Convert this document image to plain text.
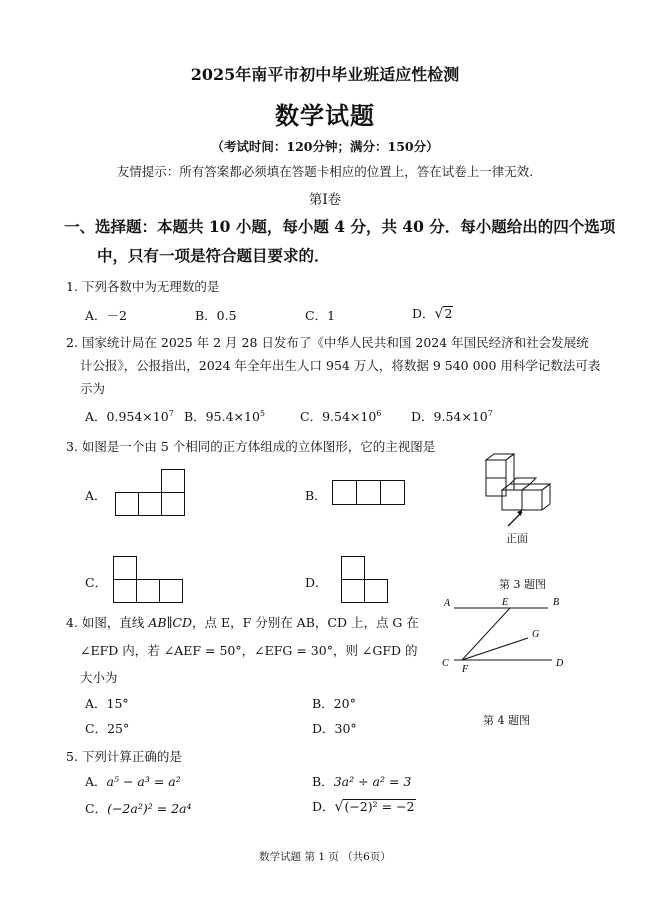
2025年南平市初中毕业班适应性检测
数学试题
（考试时间：120分钟；满分：150分）
友情提示：所有答案都必须填在答题卡相应的位置上，答在试卷上一律无效.
第Ⅰ卷
一、选择题：本题共 10 小题，每小题 4 分，共 40 分．每小题给出的四个选项
中，只有一项是符合题目要求的．
1. 下列各数中为无理数的是
A．－2	B．0.5	C．1	D．√2
2. 国家统计局在 2025 年 2 月 28 日发布了《中华人民共和国 2024 年国民经济和社会发展统
计公报》，公报指出，2024 年全年出生人口 954 万人，将数据 9 540 000 用科学记数法可表
示为
A．$0.954\times 10^7$ B．$95.4\times 10^5$	C．$9.54\times 10^6$ D．$9.54\times 10^7$
3. 如图是一个由 5 个相同的正方体组成的立体图形，它的主视图是
A．	B．
正面
C．	D．	第 3 题图
4. 如图，直线 AB∥CD，点 E，F 分别在 AB，CD 上，点 G 在
∠EFD 内，若 ∠AEF = 50°，∠EFG = 30°，则 ∠GFD 的
大小为
A．15°	B．20°
C．25°	D．30°
A	E	B
G
C
F
D
第 4 题图
5. 下列计算正确的是
A．a⁵ − a³ = a²	B．3a² ÷ a² = 3
C．(−2a²)² = 2a⁴	D．√(−2)² = −2
数学试题 第 1 页 （共6页）
